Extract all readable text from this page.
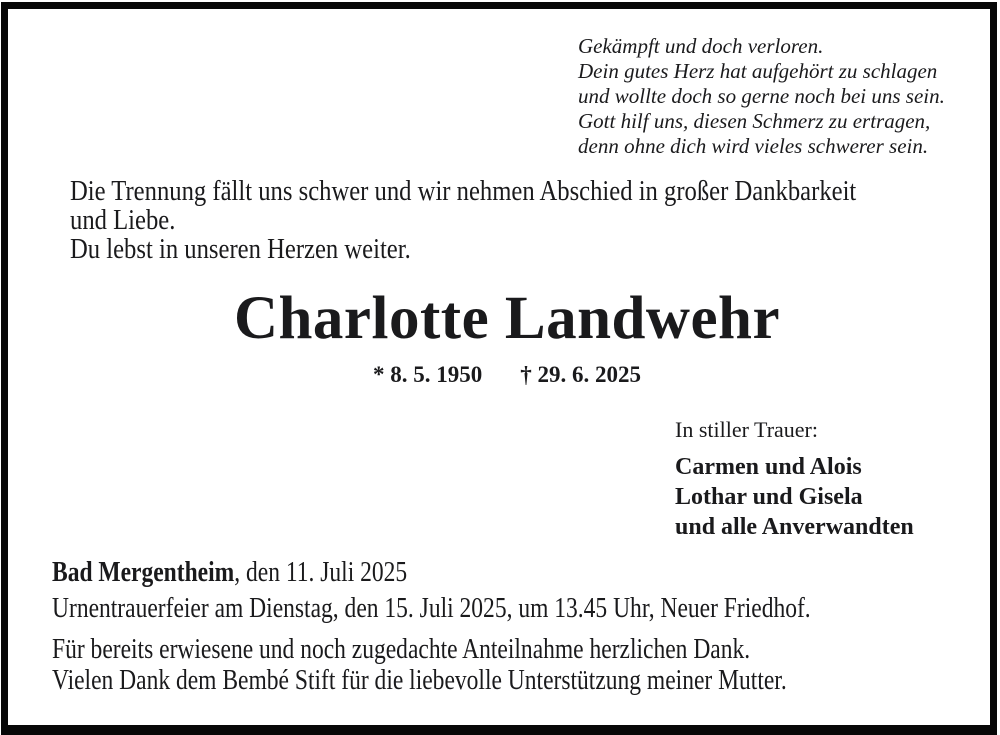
Gekämpft und doch verloren.
Dein gutes Herz hat aufgehört zu schlagen
und wollte doch so gerne noch bei uns sein.
Gott hilf uns, diesen Schmerz zu ertragen,
denn ohne dich wird vieles schwerer sein.
Die Trennung fällt uns schwer und wir nehmen Abschied in großer Dankbarkeit
und Liebe.
Du lebst in unseren Herzen weiter.
Charlotte Landwehr
* 8. 5. 1950 † 29. 6. 2025
In stiller Trauer:
Carmen und Alois
Lothar und Gisela
und alle Anverwandten
Bad Mergentheim, den 11. Juli 2025
Urnentrauerfeier am Dienstag, den 15. Juli 2025, um 13.45 Uhr, Neuer Friedhof.
Für bereits erwiesene und noch zugedachte Anteilnahme herzlichen Dank.
Vielen Dank dem Bembé Stift für die liebevolle Unterstützung meiner Mutter.
